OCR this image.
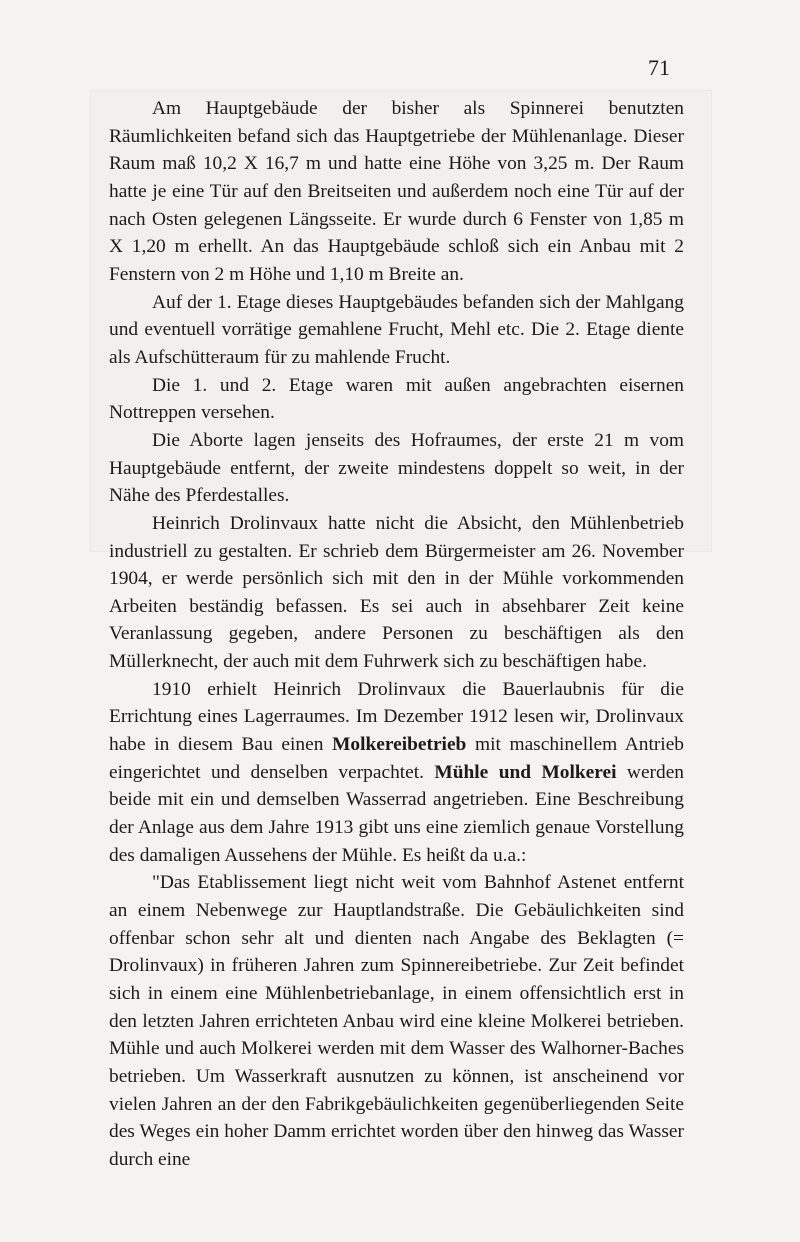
71

Am Hauptgebäude der bisher als Spinnerei benutzten Räumlichkeiten befand sich das Hauptgetriebe der Mühlenanlage. Dieser Raum maß 10,2 X 16,7 m und hatte eine Höhe von 3,25 m. Der Raum hatte je eine Tür auf den Breitseiten und außerdem noch eine Tür auf der nach Osten gelegenen Längsseite. Er wurde durch 6 Fenster von 1,85 m X 1,20 m erhellt. An das Hauptgebäude schloß sich ein Anbau mit 2 Fenstern von 2 m Höhe und 1,10 m Breite an.

Auf der 1. Etage dieses Hauptgebäudes befanden sich der Mahlgang und eventuell vorrätige gemahlene Frucht, Mehl etc. Die 2. Etage diente als Aufschütteraum für zu mahlende Frucht.

Die 1. und 2. Etage waren mit außen angebrachten eisernen Nottreppen versehen.

Die Aborte lagen jenseits des Hofraumes, der erste 21 m vom Hauptgebäude entfernt, der zweite mindestens doppelt so weit, in der Nähe des Pferdestalles.

Heinrich Drolinvaux hatte nicht die Absicht, den Mühlenbetrieb industriell zu gestalten. Er schrieb dem Bürgermeister am 26. November 1904, er werde persönlich sich mit den in der Mühle vorkommenden Arbeiten beständig befassen. Es sei auch in absehbarer Zeit keine Veranlassung gegeben, andere Personen zu beschäftigen als den Müllerknecht, der auch mit dem Fuhrwerk sich zu beschäftigen habe.

1910 erhielt Heinrich Drolinvaux die Bauerlaubnis für die Errichtung eines Lagerraumes. Im Dezember 1912 lesen wir, Drolinvaux habe in diesem Bau einen Molkereibetrieb mit maschinellem Antrieb eingerichtet und denselben verpachtet. Mühle und Molkerei werden beide mit ein und demselben Wasserrad angetrieben. Eine Beschreibung der Anlage aus dem Jahre 1913 gibt uns eine ziemlich genaue Vorstellung des damaligen Aussehens der Mühle. Es heißt da u.a.:

"Das Etablissement liegt nicht weit vom Bahnhof Astenet entfernt an einem Nebenwege zur Hauptlandstraße. Die Gebäulichkeiten sind offenbar schon sehr alt und dienten nach Angabe des Beklagten (= Drolinvaux) in früheren Jahren zum Spinnereibetriebe. Zur Zeit befindet sich in einem eine Mühlenbetriebanlage, in einem offensichtlich erst in den letzten Jahren errichteten Anbau wird eine kleine Molkerei betrieben. Mühle und auch Molkerei werden mit dem Wasser des Walhorner-Baches betrieben. Um Wasserkraft ausnutzen zu können, ist anscheinend vor vielen Jahren an der den Fabrikgebäulichkeiten gegenüberliegenden Seite des Weges ein hoher Damm errichtet worden über den hinweg das Wasser durch eine
